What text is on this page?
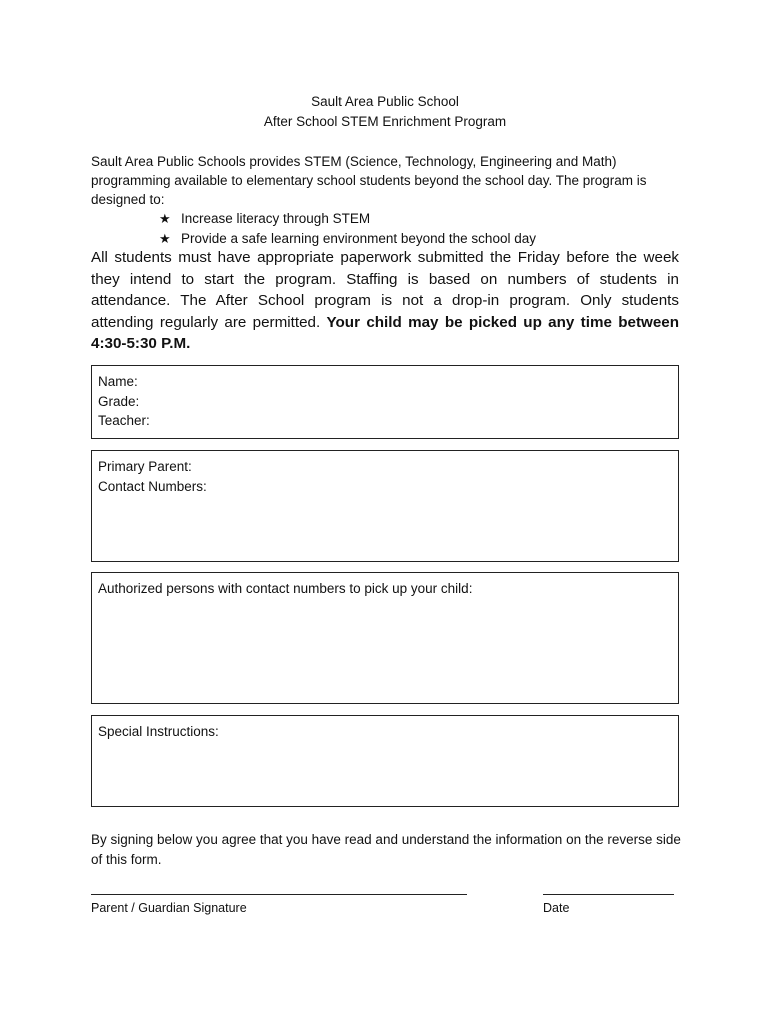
Sault Area Public School
After School STEM Enrichment Program
Sault Area Public Schools provides STEM (Science, Technology, Engineering and Math) programming available to elementary school students beyond the school day. The program is designed to:
★ Increase literacy through STEM
★ Provide a safe learning environment beyond the school day
All students must have appropriate paperwork submitted the Friday before the week they intend to start the program. Staffing is based on numbers of students in attendance. The After School program is not a drop-in program. Only students attending regularly are permitted. Your child may be picked up any time between 4:30-5:30 P.M.
Name:
Grade:
Teacher:
Primary Parent:
Contact Numbers:
Authorized persons with contact numbers to pick up your child:
Special Instructions:
By signing below you agree that you have read and understand the information on the reverse side of this form.
Parent / Guardian Signature	Date
